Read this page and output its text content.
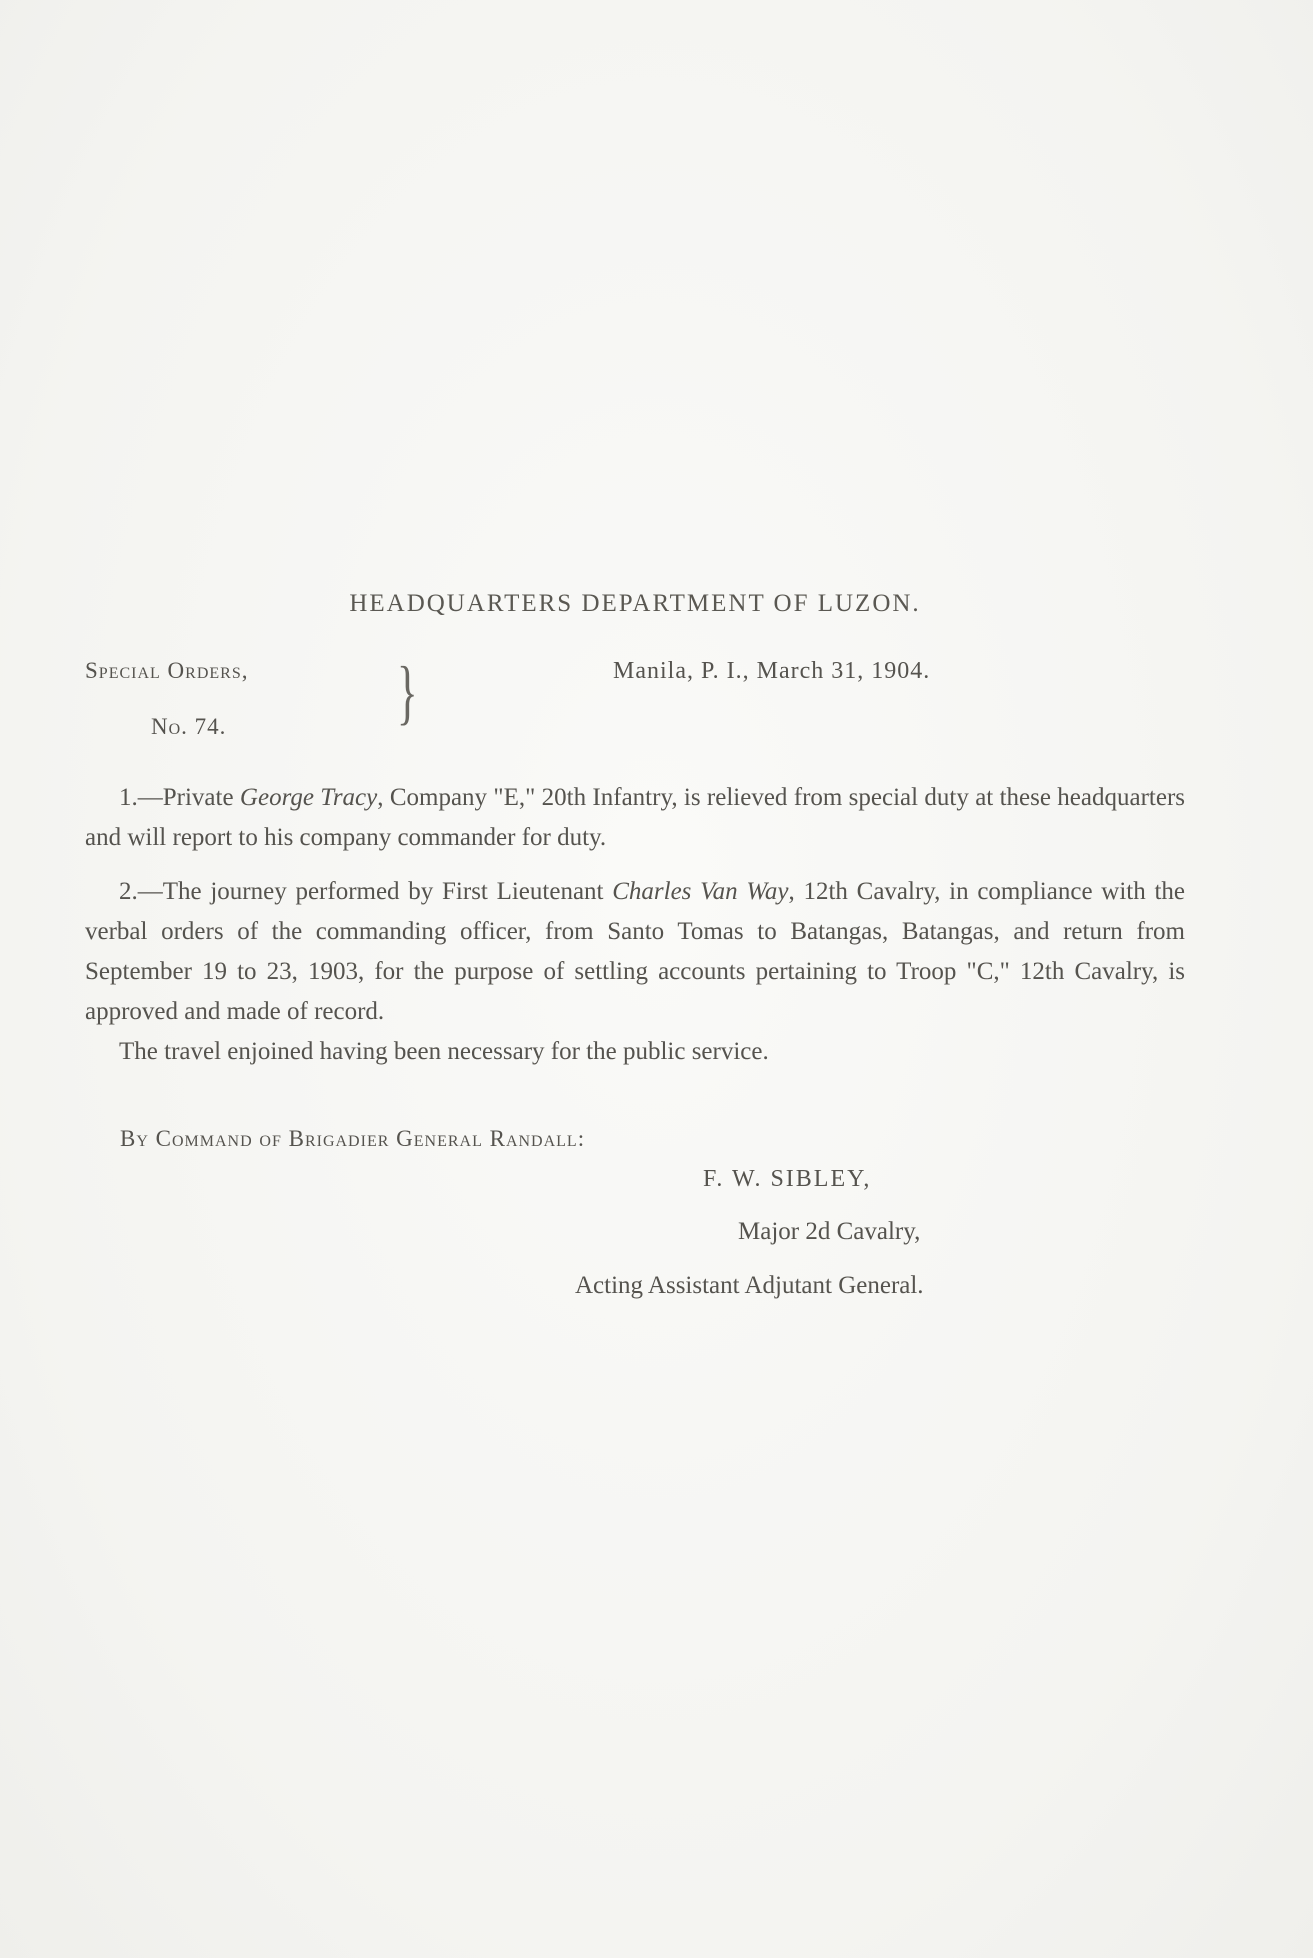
HEADQUARTERS DEPARTMENT OF LUZON.
Special Orders,
No. 74. }	Manila, P. I., March 31, 1904.

1.—Private George Tracy, Company "E," 20th Infantry, is relieved from special duty at these headquarters and will report to his company commander for duty.

2.—The journey performed by First Lieutenant Charles Van Way, 12th Cavalry, in compliance with the verbal orders of the commanding officer, from Santo Tomas to Batangas, Batangas, and return from September 19 to 23, 1903, for the purpose of settling accounts pertaining to Troop "C," 12th Cavalry, is approved and made of record.

The travel enjoined having been necessary for the public service.

By Command of Brigadier General Randall:
F. W. SIBLEY,
Major 2d Cavalry,
Acting Assistant Adjutant General.
